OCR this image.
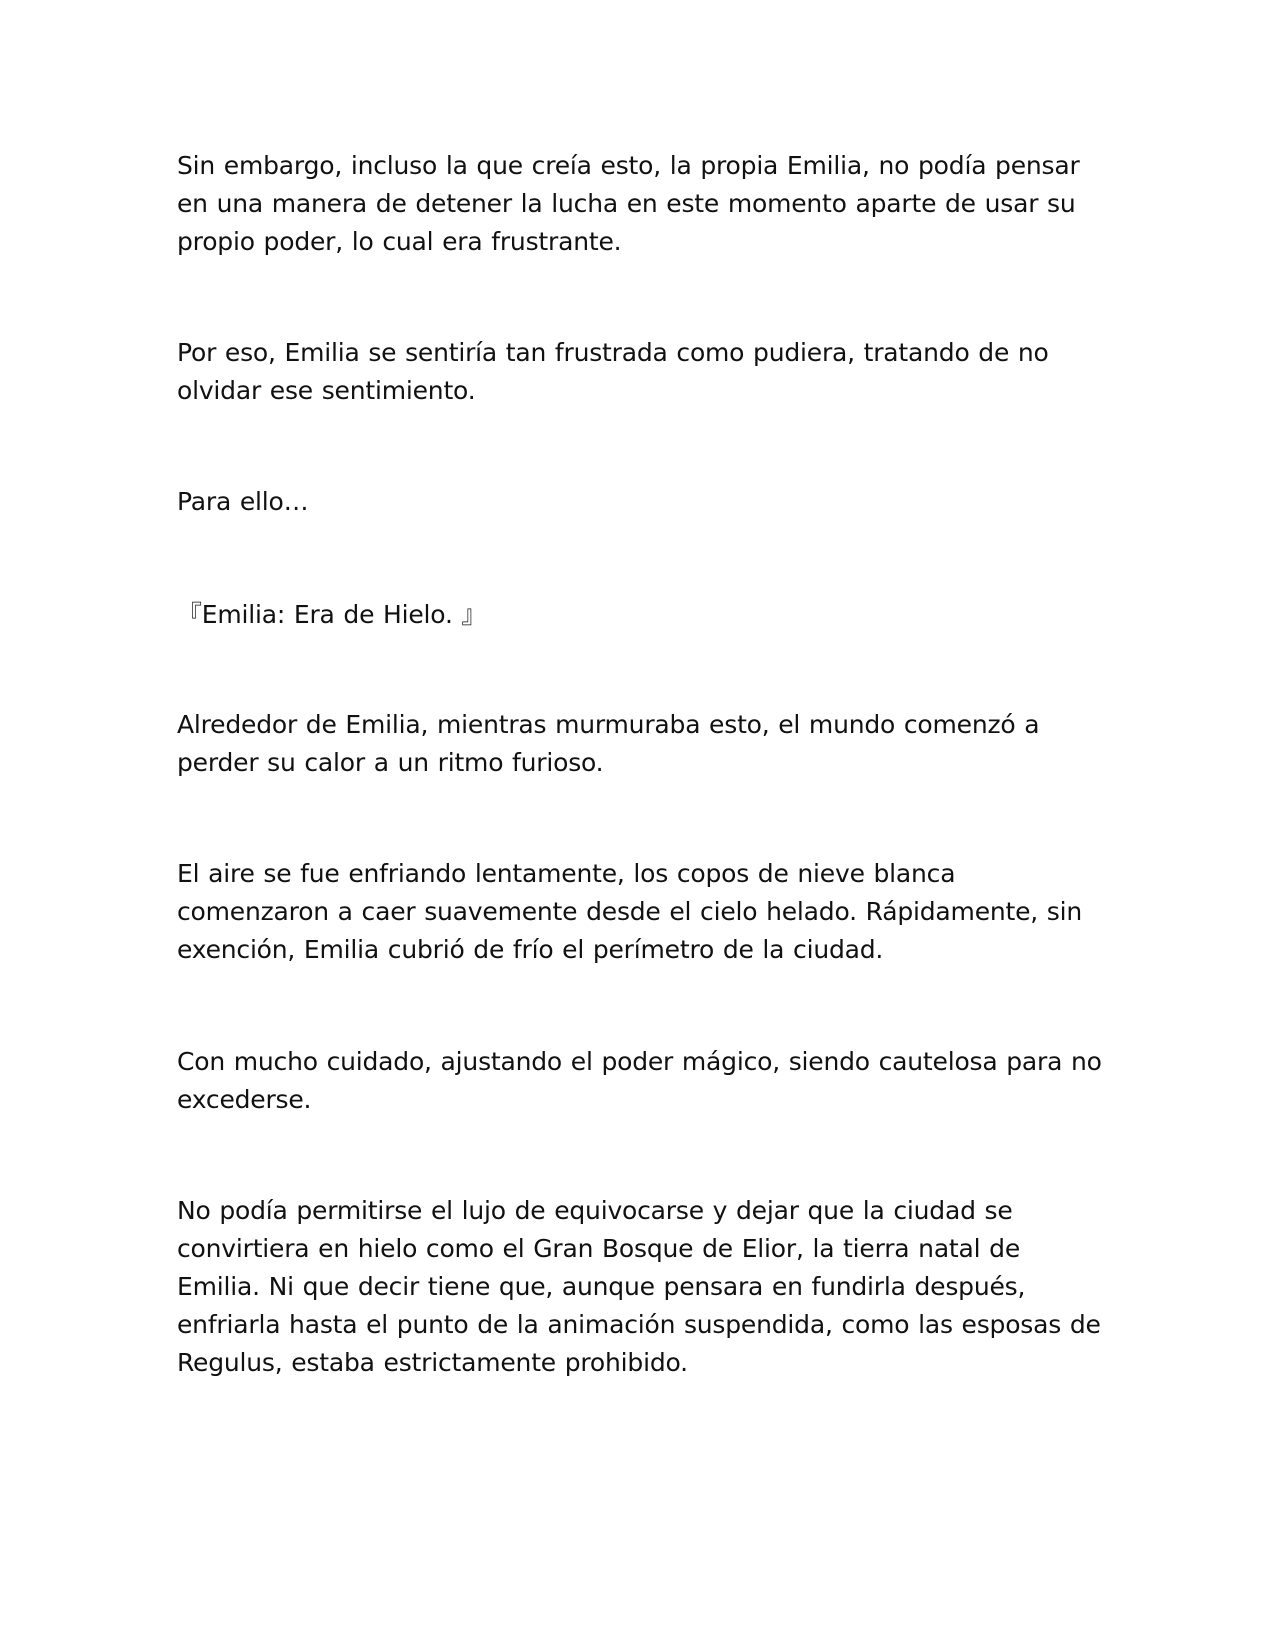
Sin embargo, incluso la que creía esto, la propia Emilia, no podía pensar en una manera de detener la lucha en este momento aparte de usar su propio poder, lo cual era frustrante.

Por eso, Emilia se sentiría tan frustrada como pudiera, tratando de no olvidar ese sentimiento.

Para ello…

『Emilia: Era de Hielo. 』

Alrededor de Emilia, mientras murmuraba esto, el mundo comenzó a perder su calor a un ritmo furioso.

El aire se fue enfriando lentamente, los copos de nieve blanca comenzaron a caer suavemente desde el cielo helado. Rápidamente, sin exención, Emilia cubrió de frío el perímetro de la ciudad.

Con mucho cuidado, ajustando el poder mágico, siendo cautelosa para no excederse.

No podía permitirse el lujo de equivocarse y dejar que la ciudad se convirtiera en hielo como el Gran Bosque de Elior, la tierra natal de Emilia. Ni que decir tiene que, aunque pensara en fundirla después, enfriarla hasta el punto de la animación suspendida, como las esposas de Regulus, estaba estrictamente prohibido.
